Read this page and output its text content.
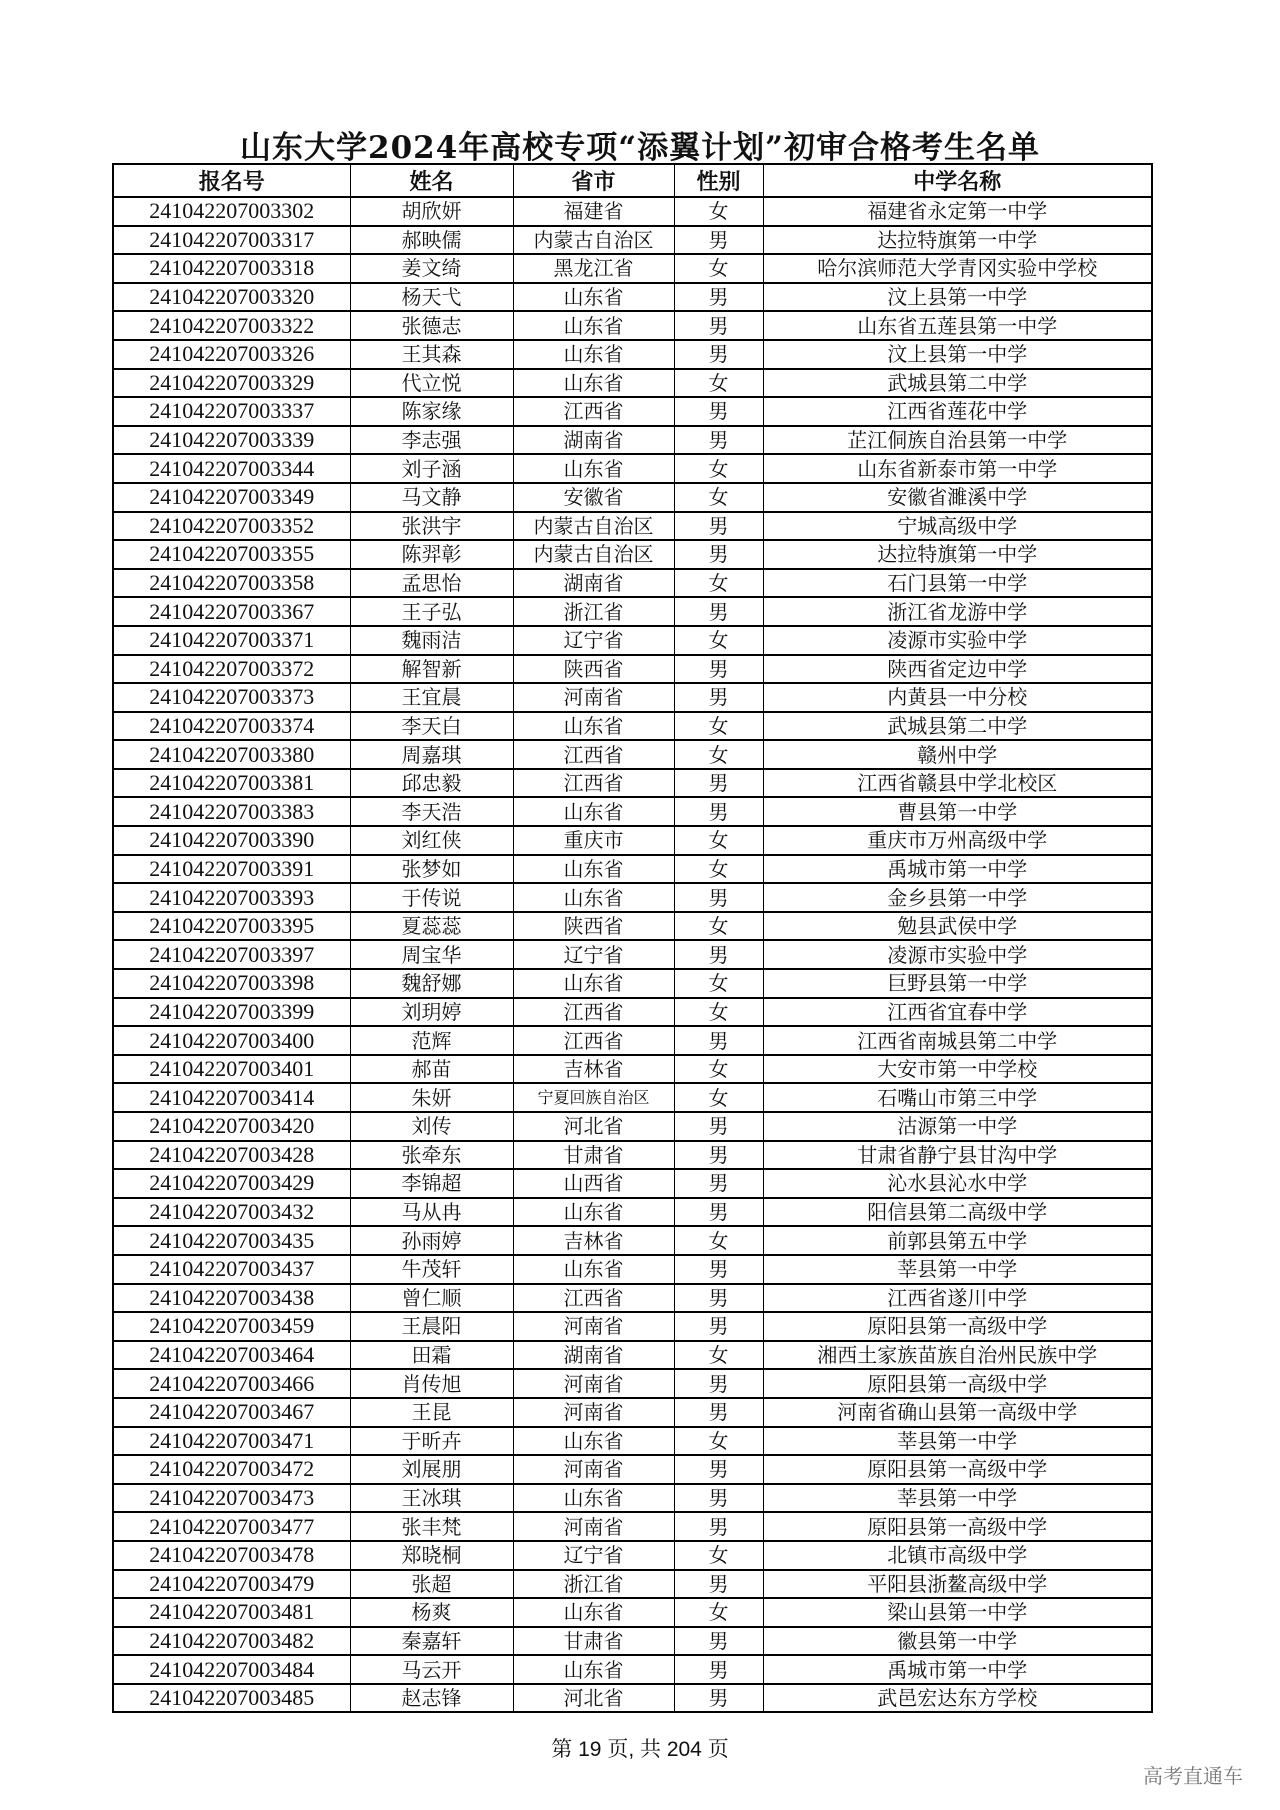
山东大学2024年高校专项“添翼计划”初审合格考生名单
报名号	姓名	省市	性别	中学名称
241042207003302	胡欣妍	福建省	女	福建省永定第一中学
241042207003317	郝映儒	内蒙古自治区	男	达拉特旗第一中学
241042207003318	姜文绮	黑龙江省	女	哈尔滨师范大学青冈实验中学校
241042207003320	杨天弋	山东省	男	汶上县第一中学
241042207003322	张德志	山东省	男	山东省五莲县第一中学
241042207003326	王其森	山东省	男	汶上县第一中学
241042207003329	代立悦	山东省	女	武城县第二中学
241042207003337	陈家缘	江西省	男	江西省莲花中学
241042207003339	李志强	湖南省	男	芷江侗族自治县第一中学
241042207003344	刘子涵	山东省	女	山东省新泰市第一中学
241042207003349	马文静	安徽省	女	安徽省濉溪中学
241042207003352	张洪宇	内蒙古自治区	男	宁城高级中学
241042207003355	陈羿彰	内蒙古自治区	男	达拉特旗第一中学
241042207003358	孟思怡	湖南省	女	石门县第一中学
241042207003367	王子弘	浙江省	男	浙江省龙游中学
241042207003371	魏雨洁	辽宁省	女	凌源市实验中学
241042207003372	解智新	陕西省	男	陕西省定边中学
241042207003373	王宜晨	河南省	男	内黄县一中分校
241042207003374	李天白	山东省	女	武城县第二中学
241042207003380	周嘉琪	江西省	女	赣州中学
241042207003381	邱忠毅	江西省	男	江西省赣县中学北校区
241042207003383	李天浩	山东省	男	曹县第一中学
241042207003390	刘红侠	重庆市	女	重庆市万州高级中学
241042207003391	张梦如	山东省	女	禹城市第一中学
241042207003393	于传说	山东省	男	金乡县第一中学
241042207003395	夏蕊蕊	陕西省	女	勉县武侯中学
241042207003397	周宝华	辽宁省	男	凌源市实验中学
241042207003398	魏舒娜	山东省	女	巨野县第一中学
241042207003399	刘玥婷	江西省	女	江西省宜春中学
241042207003400	范辉	江西省	男	江西省南城县第二中学
241042207003401	郝苗	吉林省	女	大安市第一中学校
241042207003414	朱妍	宁夏回族自治区	女	石嘴山市第三中学
241042207003420	刘传	河北省	男	沽源第一中学
241042207003428	张牵东	甘肃省	男	甘肃省静宁县甘沟中学
241042207003429	李锦超	山西省	男	沁水县沁水中学
241042207003432	马从冉	山东省	男	阳信县第二高级中学
241042207003435	孙雨婷	吉林省	女	前郭县第五中学
241042207003437	牛茂轩	山东省	男	莘县第一中学
241042207003438	曾仁顺	江西省	男	江西省遂川中学
241042207003459	王晨阳	河南省	男	原阳县第一高级中学
241042207003464	田霜	湖南省	女	湘西土家族苗族自治州民族中学
241042207003466	肖传旭	河南省	男	原阳县第一高级中学
241042207003467	王昆	河南省	男	河南省确山县第一高级中学
241042207003471	于昕卉	山东省	女	莘县第一中学
241042207003472	刘展朋	河南省	男	原阳县第一高级中学
241042207003473	王冰琪	山东省	男	莘县第一中学
241042207003477	张丰梵	河南省	男	原阳县第一高级中学
241042207003478	郑晓桐	辽宁省	女	北镇市高级中学
241042207003479	张超	浙江省	男	平阳县浙鳌高级中学
241042207003481	杨爽	山东省	女	梁山县第一中学
241042207003482	秦嘉轩	甘肃省	男	徽县第一中学
241042207003484	马云开	山东省	男	禹城市第一中学
241042207003485	赵志锋	河北省	男	武邑宏达东方学校
第 19 页, 共 204 页
高考直通车
